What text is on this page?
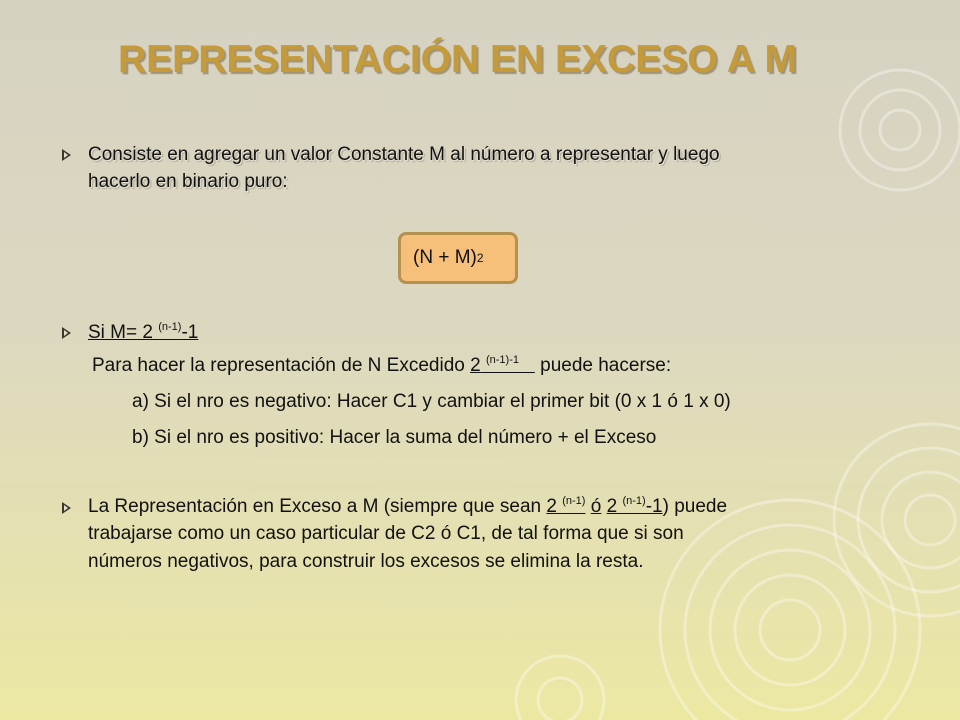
REPRESENTACIÓN EN EXCESO A M
Consiste en agregar un valor Constante M al número a representar y luego
hacerlo en binario puro:
(N + M) 2
Si M= 2 $^{(n-1)}$-1
Para hacer la representación de N Excedido 2 $^{(n-1)-1}$ puede hacerse:
a) Si el nro es negativo: Hacer C1 y cambiar el primer bit (0 x 1 ó 1 x 0)
b) Si el nro es positivo: Hacer la suma del número + el Exceso
La Representación en Exceso a M (siempre que sean 2 $^{(n-1)}$ ó 2 $^{(n-1)}$-1) puede
trabajarse como un caso particular de C2 ó C1, de tal forma que si son
números negativos, para construir los excesos se elimina la resta.
